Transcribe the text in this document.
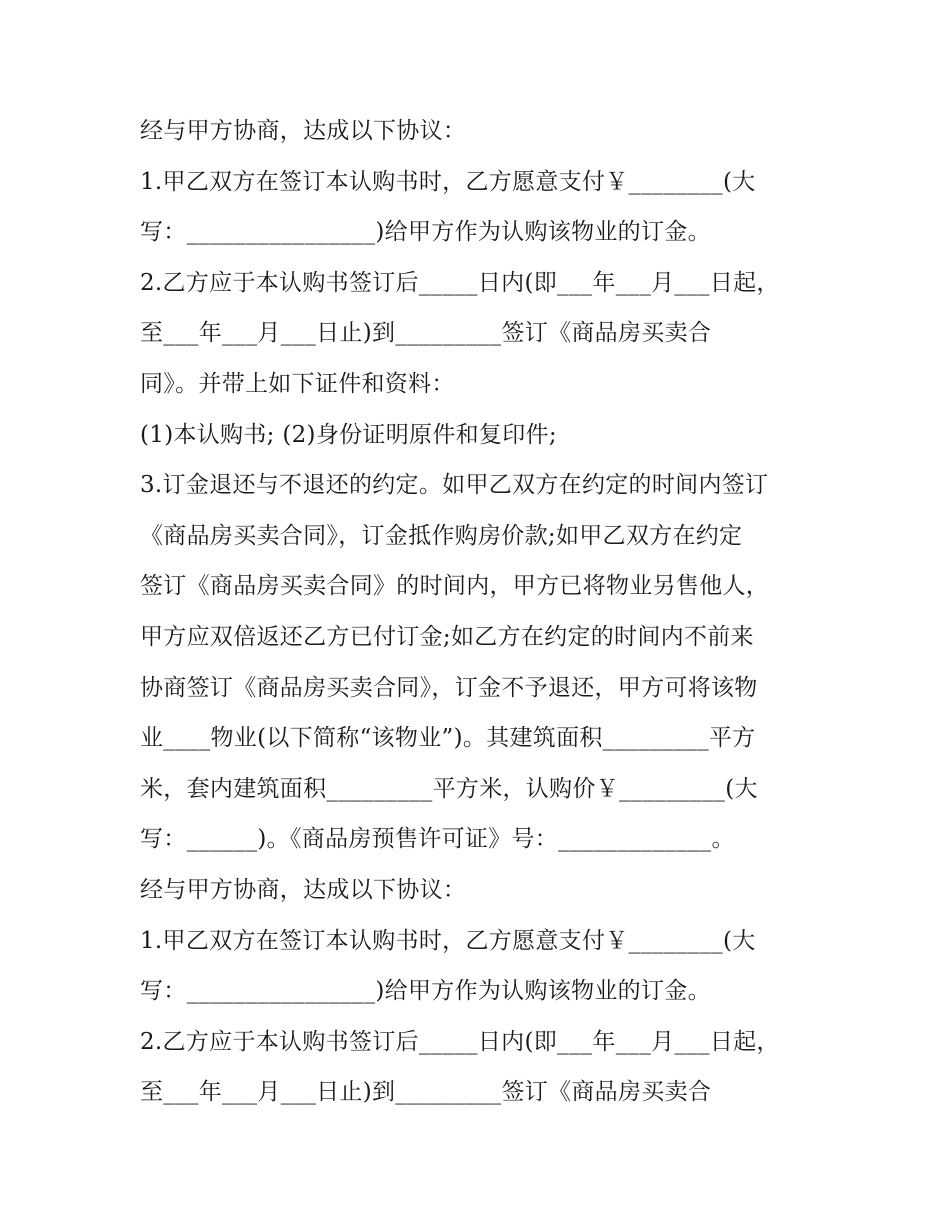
经与甲方协商，达成以下协议：
1.甲乙双方在签订本认购书时，乙方愿意支付￥________(大
写：________________)给甲方作为认购该物业的订金。
2.乙方应于本认购书签订后_____日内(即___年___月___日起，
至___年___月___日止)到_________签订《商品房买卖合
同》。并带上如下证件和资料：
(1)本认购书; (2)身份证明原件和复印件;
3.订金退还与不退还的约定。如甲乙双方在约定的时间内签订
《商品房买卖合同》，订金抵作购房价款;如甲乙双方在约定
签订《商品房买卖合同》的时间内，甲方已将物业另售他人，
甲方应双倍返还乙方已付订金;如乙方在约定的时间内不前来
协商签订《商品房买卖合同》，订金不予退还，甲方可将该物
业____物业(以下简称“该物业”)。其建筑面积_________平方
米，套内建筑面积_________平方米，认购价￥_________(大
写：______)。《商品房预售许可证》号：_____________。
经与甲方协商，达成以下协议：
1.甲乙双方在签订本认购书时，乙方愿意支付￥________(大
写：________________)给甲方作为认购该物业的订金。
2.乙方应于本认购书签订后_____日内(即___年___月___日起，
至___年___月___日止)到_________签订《商品房买卖合
